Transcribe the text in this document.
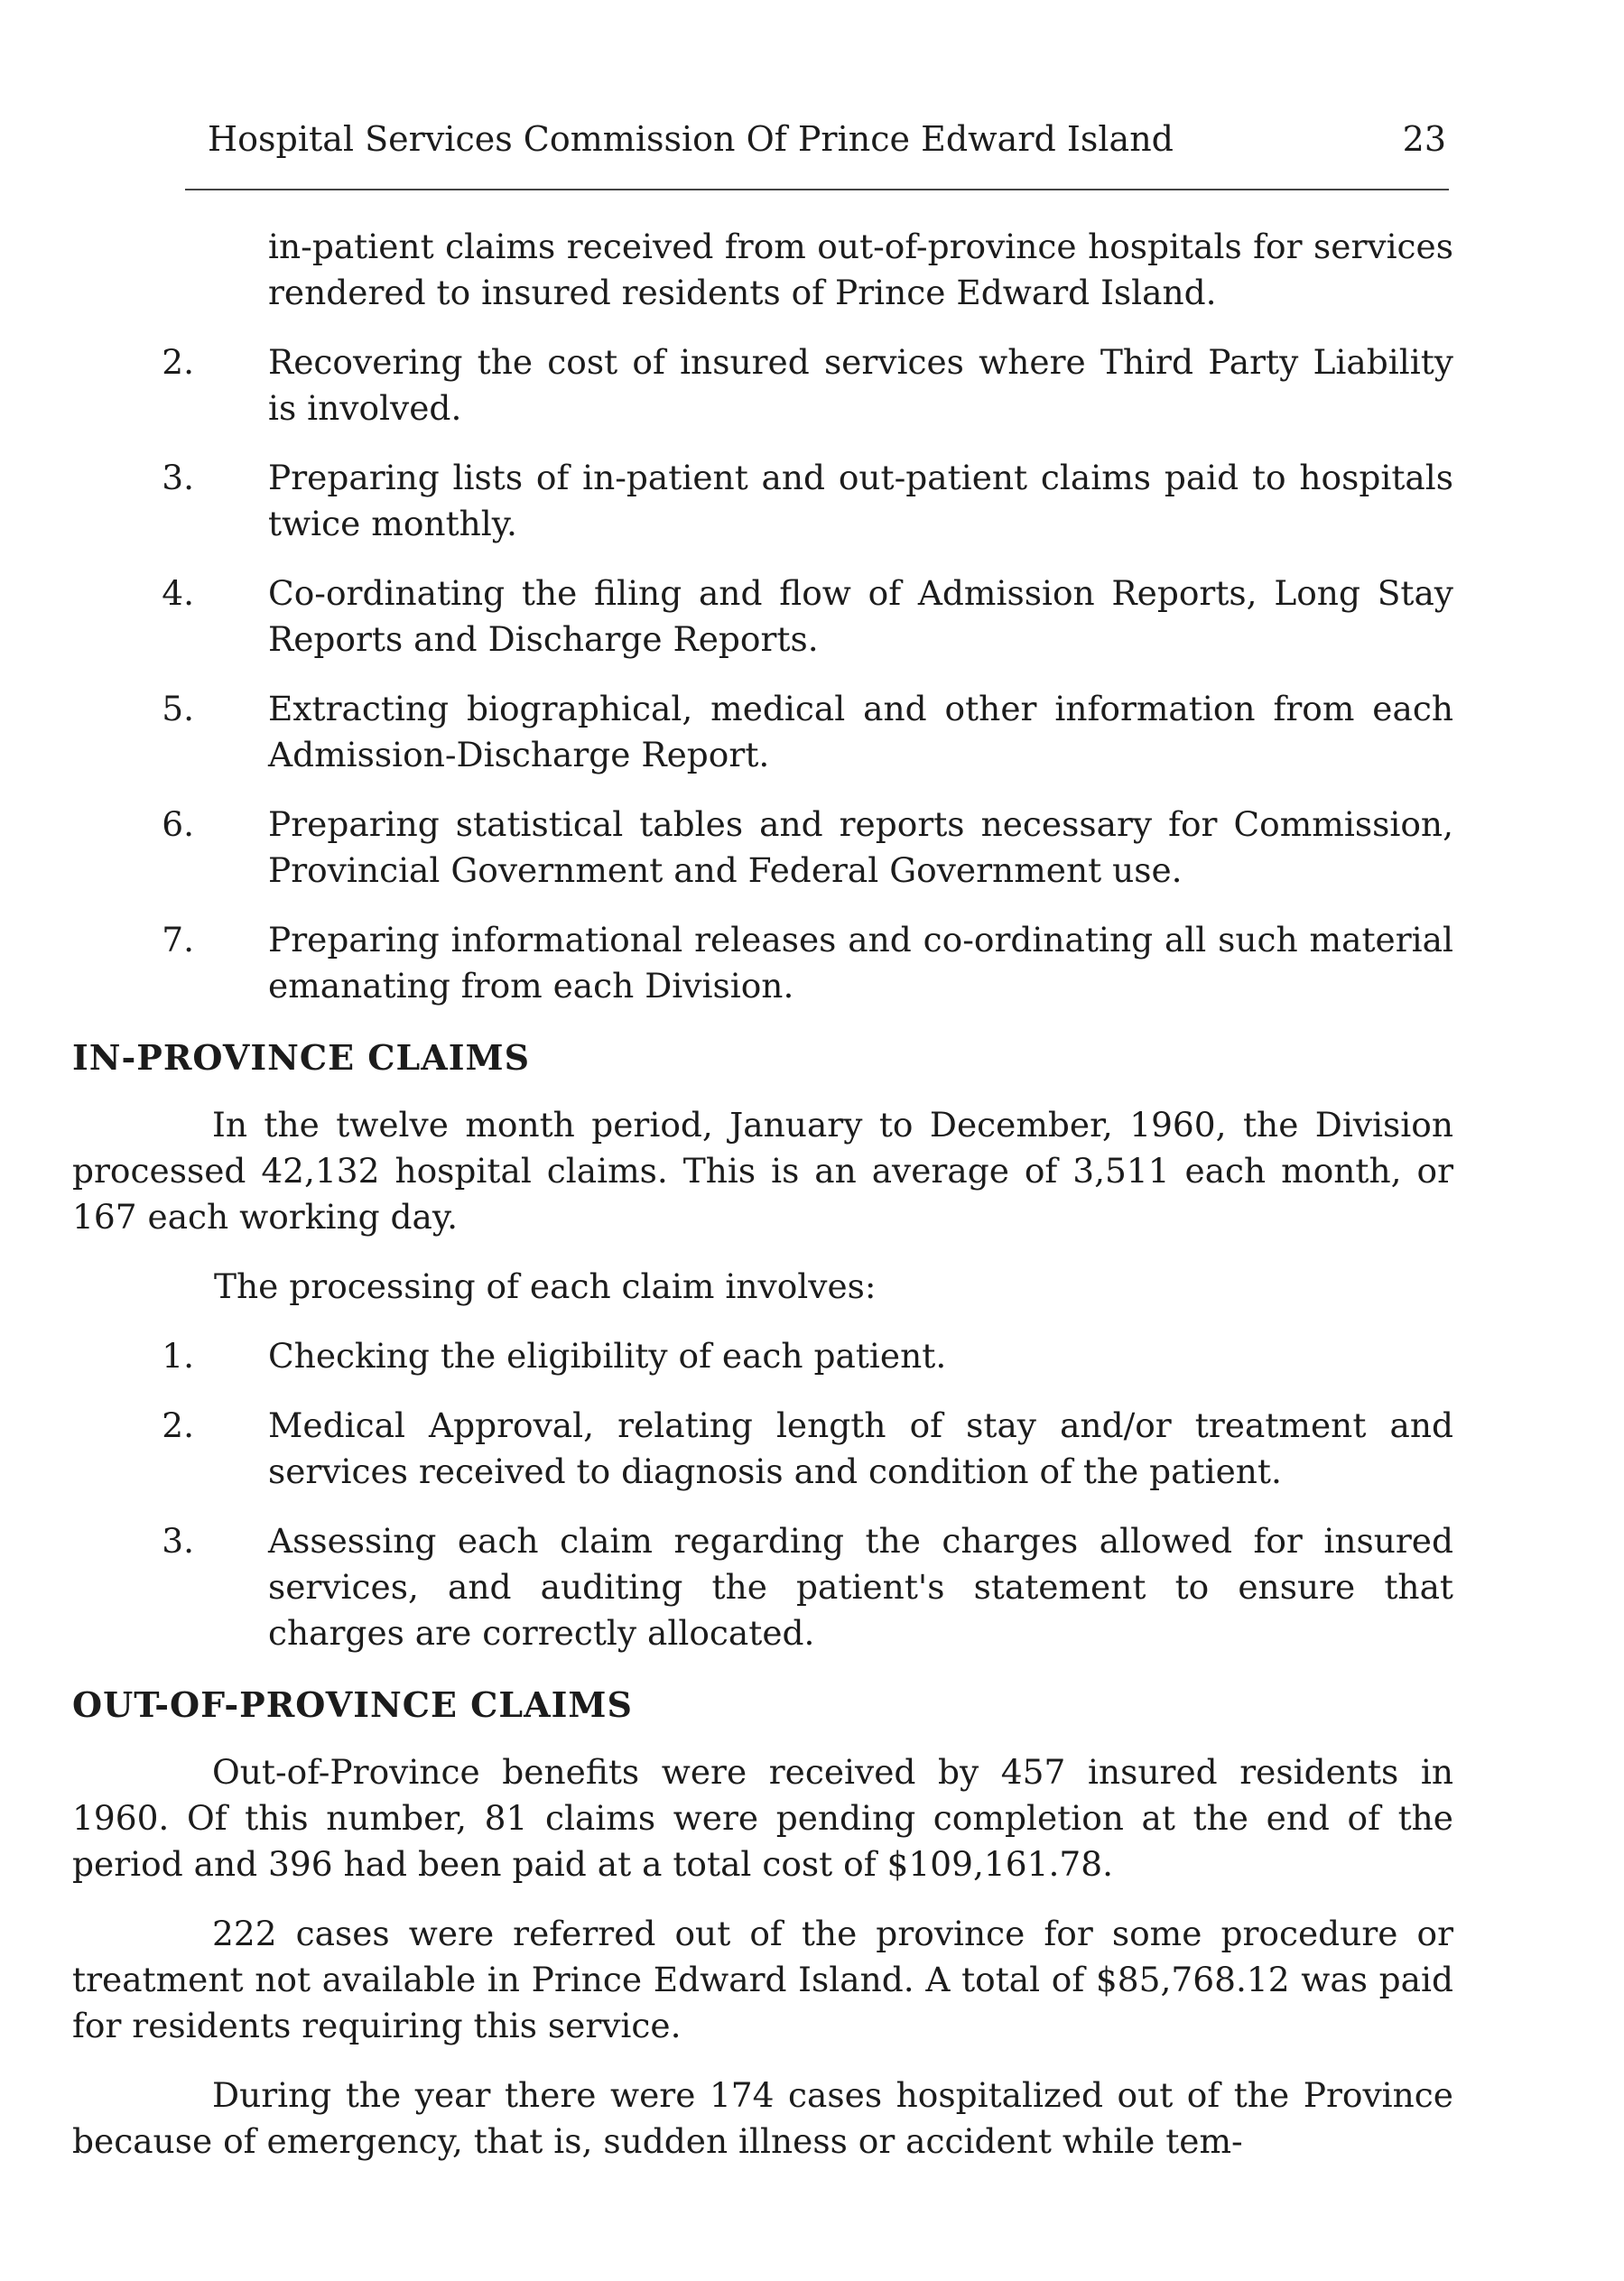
Hospital Services Commission Of Prince Edward Island	23
in-patient claims received from out-of-province hospitals for services rendered to insured residents of Prince Edward Island.
2.	Recovering the cost of insured services where Third Party Liability is involved.
3.	Preparing lists of in-patient and out-patient claims paid to hospitals twice monthly.
4.	Co-ordinating the filing and flow of Admission Reports, Long Stay Reports and Discharge Reports.
5.	Extracting biographical, medical and other information from each Admission-Discharge Report.
6.	Preparing statistical tables and reports necessary for Commission, Provincial Government and Federal Government use.
7.	Preparing informational releases and co-ordinating all such material emanating from each Division.
IN-PROVINCE CLAIMS
In the twelve month period, January to December, 1960, the Division processed 42,132 hospital claims. This is an average of 3,511 each month, or 167 each working day.
The processing of each claim involves:
1.	Checking the eligibility of each patient.
2.	Medical Approval, relating length of stay and/or treatment and services received to diagnosis and condition of the patient.
3.	Assessing each claim regarding the charges allowed for insured services, and auditing the patient's statement to ensure that charges are correctly allocated.
OUT-OF-PROVINCE CLAIMS
Out-of-Province benefits were received by 457 insured residents in 1960. Of this number, 81 claims were pending completion at the end of the period and 396 had been paid at a total cost of $109,161.78.
222 cases were referred out of the province for some procedure or treatment not available in Prince Edward Island. A total of $85,768.12 was paid for residents requiring this service.
During the year there were 174 cases hospitalized out of the Province because of emergency, that is, sudden illness or accident while tem-
